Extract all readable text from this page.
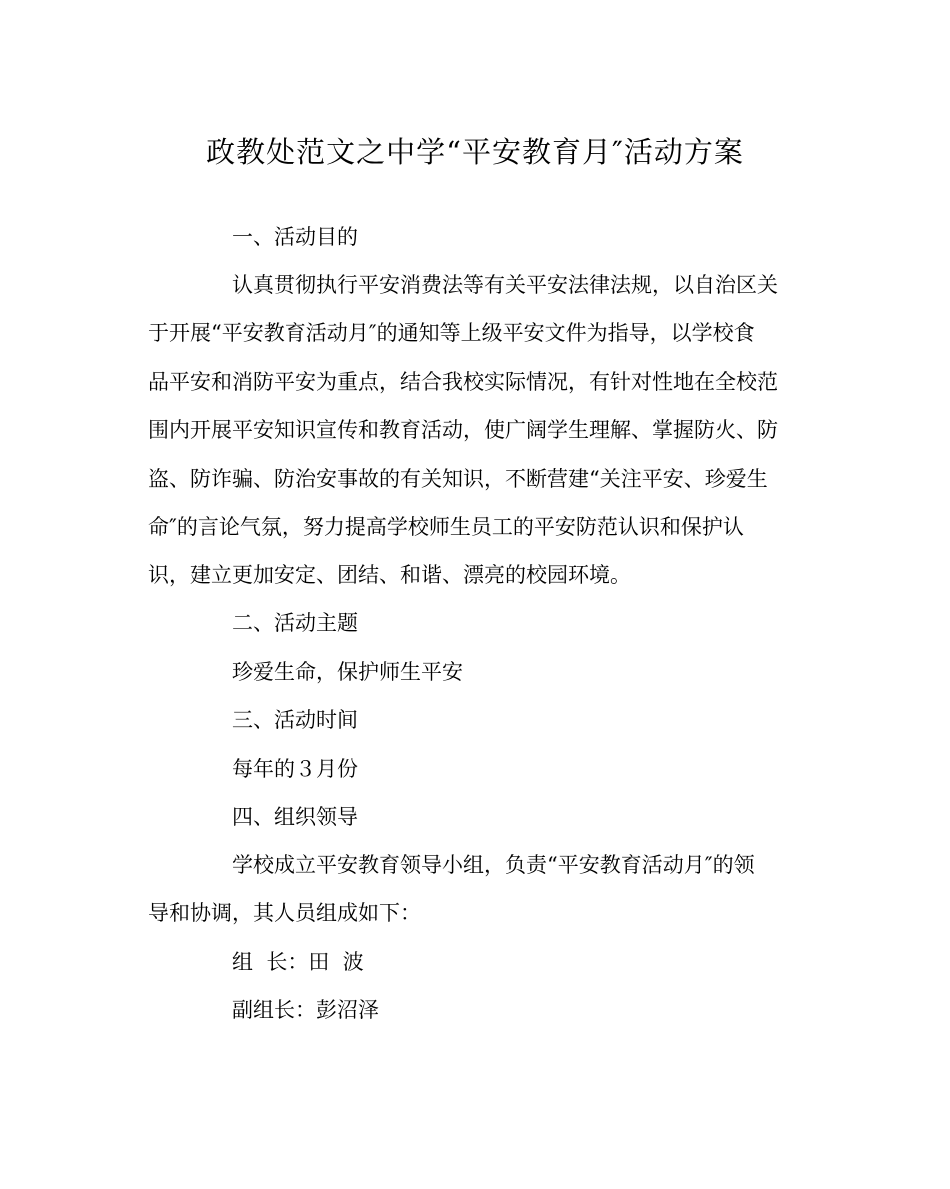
政教处范文之中学“平安教育月″活动方案
一、活动目的
认真贯彻执行平安消费法等有关平安法律法规，以自治区关
于开展“平安教育活动月″的通知等上级平安文件为指导，以学校食
品平安和消防平安为重点，结合我校实际情况，有针对性地在全校范
围内开展平安知识宣传和教育活动，使广阔学生理解、掌握防火、防
盗、防诈骗、防治安事故的有关知识，不断营建“关注平安、珍爱生
命″的言论气氛，努力提高学校师生员工的平安防范认识和保护认
识，建立更加安定、团结、和谐、漂亮的校园环境。
二、活动主题
珍爱生命，保护师生平安
三、活动时间
每年的３月份
四、组织领导
学校成立平安教育领导小组，负责“平安教育活动月″的领
导和协调，其人员组成如下：
组  长：田  波
副组长：彭沼泽
